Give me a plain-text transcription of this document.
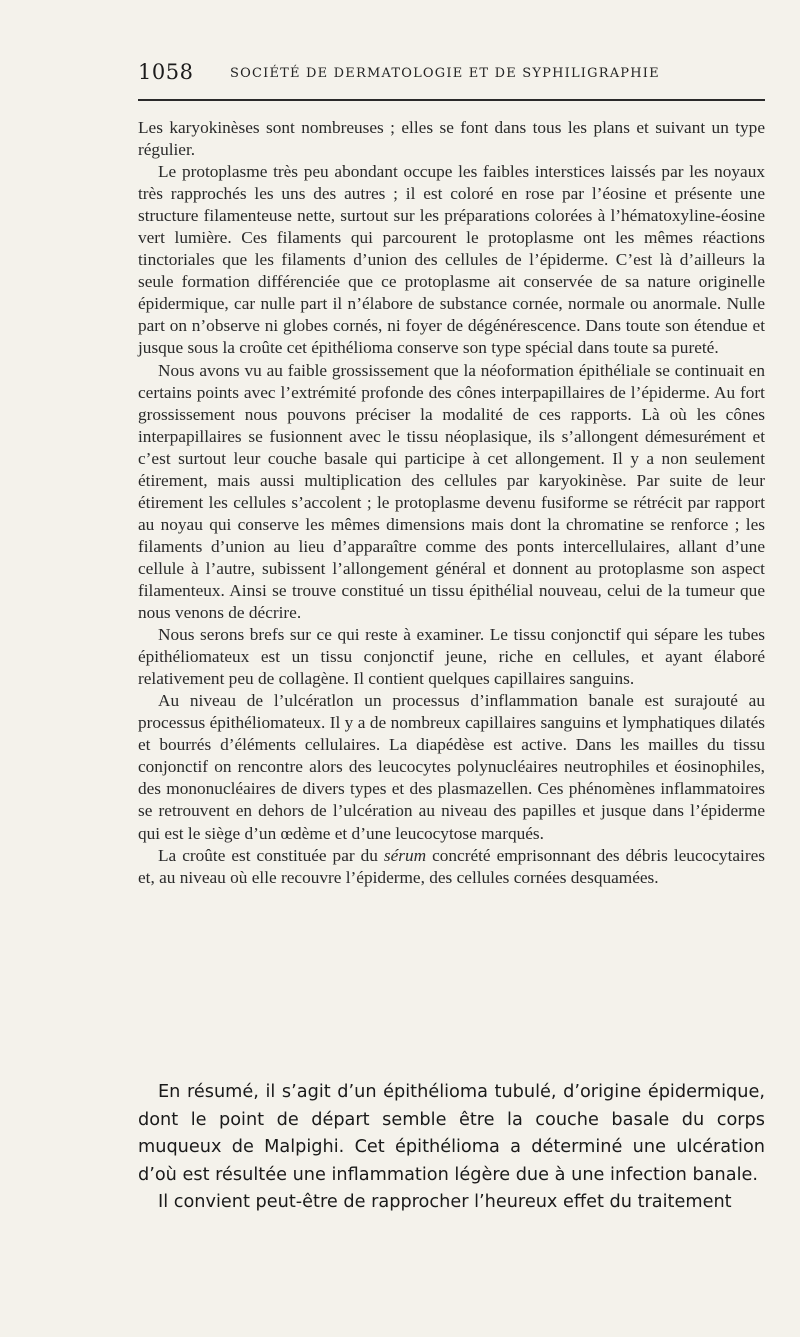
1058	SOCIÉTÉ DE DERMATOLOGIE ET DE SYPHILIGRAPHIE

Les karyokinèses sont nombreuses ; elles se font dans tous les plans et suivant un type régulier.

Le protoplasme très peu abondant occupe les faibles interstices laissés par les noyaux très rapprochés les uns des autres ; il est coloré en rose par l’éosine et présente une structure filamenteuse nette, surtout sur les préparations colorées à l’hématoxyline-éosine vert lumière. Ces filaments qui parcourent le protoplasme ont les mêmes réactions tinctoriales que les filaments d’union des cellules de l’épiderme. C’est là d’ailleurs la seule formation différenciée que ce protoplasme ait conservée de sa nature originelle épidermique, car nulle part il n’élabore de substance cornée, normale ou anormale. Nulle part on n’observe ni globes cornés, ni foyer de dégénérescence. Dans toute son étendue et jusque sous la croûte cet épithélioma conserve son type spécial dans toute sa pureté.

Nous avons vu au faible grossissement que la néoformation épithéliale se continuait en certains points avec l’extrémité profonde des cônes interpapillaires de l’épiderme. Au fort grossissement nous pouvons préciser la modalité de ces rapports. Là où les cônes interpapillaires se fusionnent avec le tissu néoplasique, ils s’allongent démesurément et c’est surtout leur couche basale qui participe à cet allongement. Il y a non seulement étirement, mais aussi multiplication des cellules par karyokinèse. Par suite de leur étirement les cellules s’accolent ; le protoplasme devenu fusiforme se rétrécit par rapport au noyau qui conserve les mêmes dimensions mais dont la chromatine se renforce ; les filaments d’union au lieu d’apparaître comme des ponts intercellulaires, allant d’une cellule à l’autre, subissent l’allongement général et donnent au protoplasme son aspect filamenteux. Ainsi se trouve constitué un tissu épithélial nouveau, celui de la tumeur que nous venons de décrire.

Nous serons brefs sur ce qui reste à examiner. Le tissu conjonctif qui sépare les tubes épithéliomateux est un tissu conjonctif jeune, riche en cellules, et ayant élaboré relativement peu de collagène. Il contient quelques capillaires sanguins.

Au niveau de l’ulcératlon un processus d’inflammation banale est surajouté au processus épithéliomateux. Il y a de nombreux capillaires sanguins et lymphatiques dilatés et bourrés d’éléments cellulaires. La diapédèse est active. Dans les mailles du tissu conjonctif on rencontre alors des leucocytes polynucléaires neutrophiles et éosinophiles, des mononucléaires de divers types et des plasmazellen. Ces phénomènes inflammatoires se retrouvent en dehors de l’ulcération au niveau des papilles et jusque dans l’épiderme qui est le siège d’un œdème et d’une leucocytose marqués.

La croûte est constituée par du sérum concrété emprisonnant des débris leucocytaires et, au niveau où elle recouvre l’épiderme, des cellules cornées desquamées.

En résumé, il s’agit d’un épithélioma tubulé, d’origine épidermique, dont le point de départ semble être la couche basale du corps muqueux de Malpighi. Cet épithélioma a déterminé une ulcération d’où est résultée une inflammation légère due à une infection banale.

Il convient peut-être de rapprocher l’heureux effet du traitement
